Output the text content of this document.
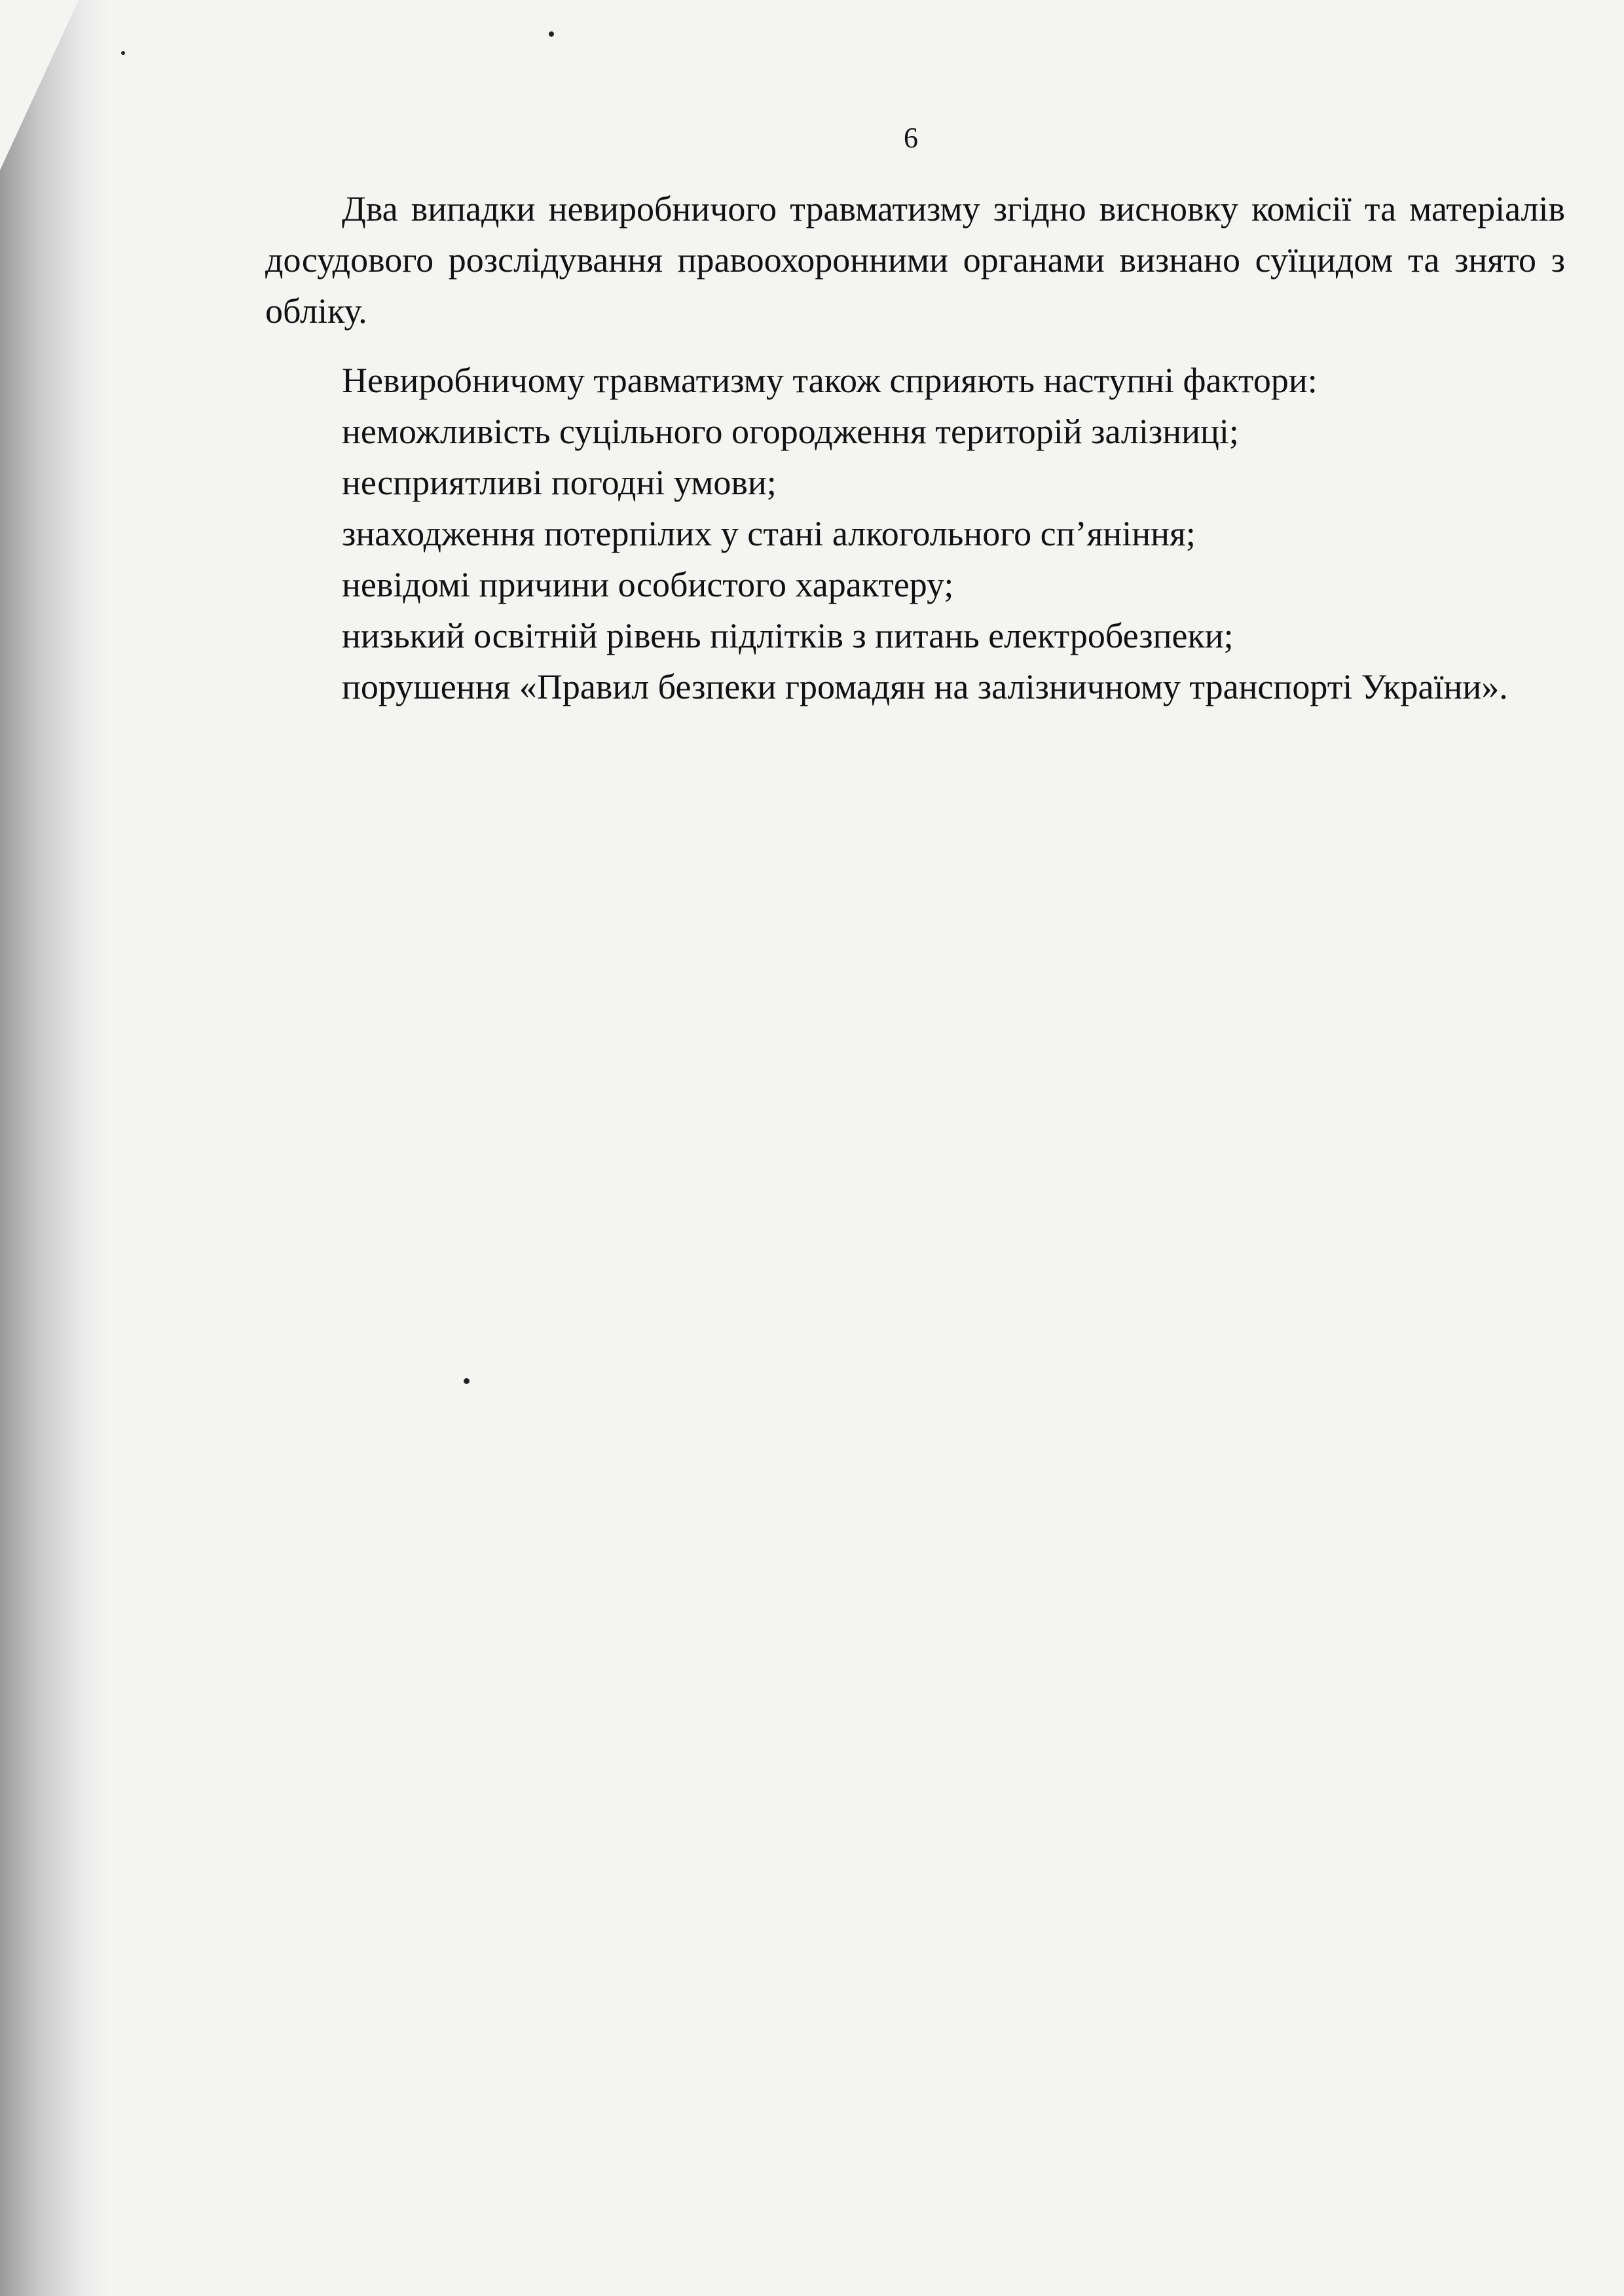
6

Два випадки невиробничого травматизму згідно висновку комісії та матеріалів досудового розслідування правоохоронними органами визнано суїцидом та знято з обліку.

Невиробничому травматизму також сприяють наступні фактори:

неможливість суцільного огородження територій залізниці;

несприятливі погодні умови;

знаходження потерпілих у стані алкогольного сп’яніння;

невідомі причини особистого характеру;

низький освітній рівень підлітків з питань електробезпеки;

порушення «Правил безпеки громадян на залізничному транспорті України».
